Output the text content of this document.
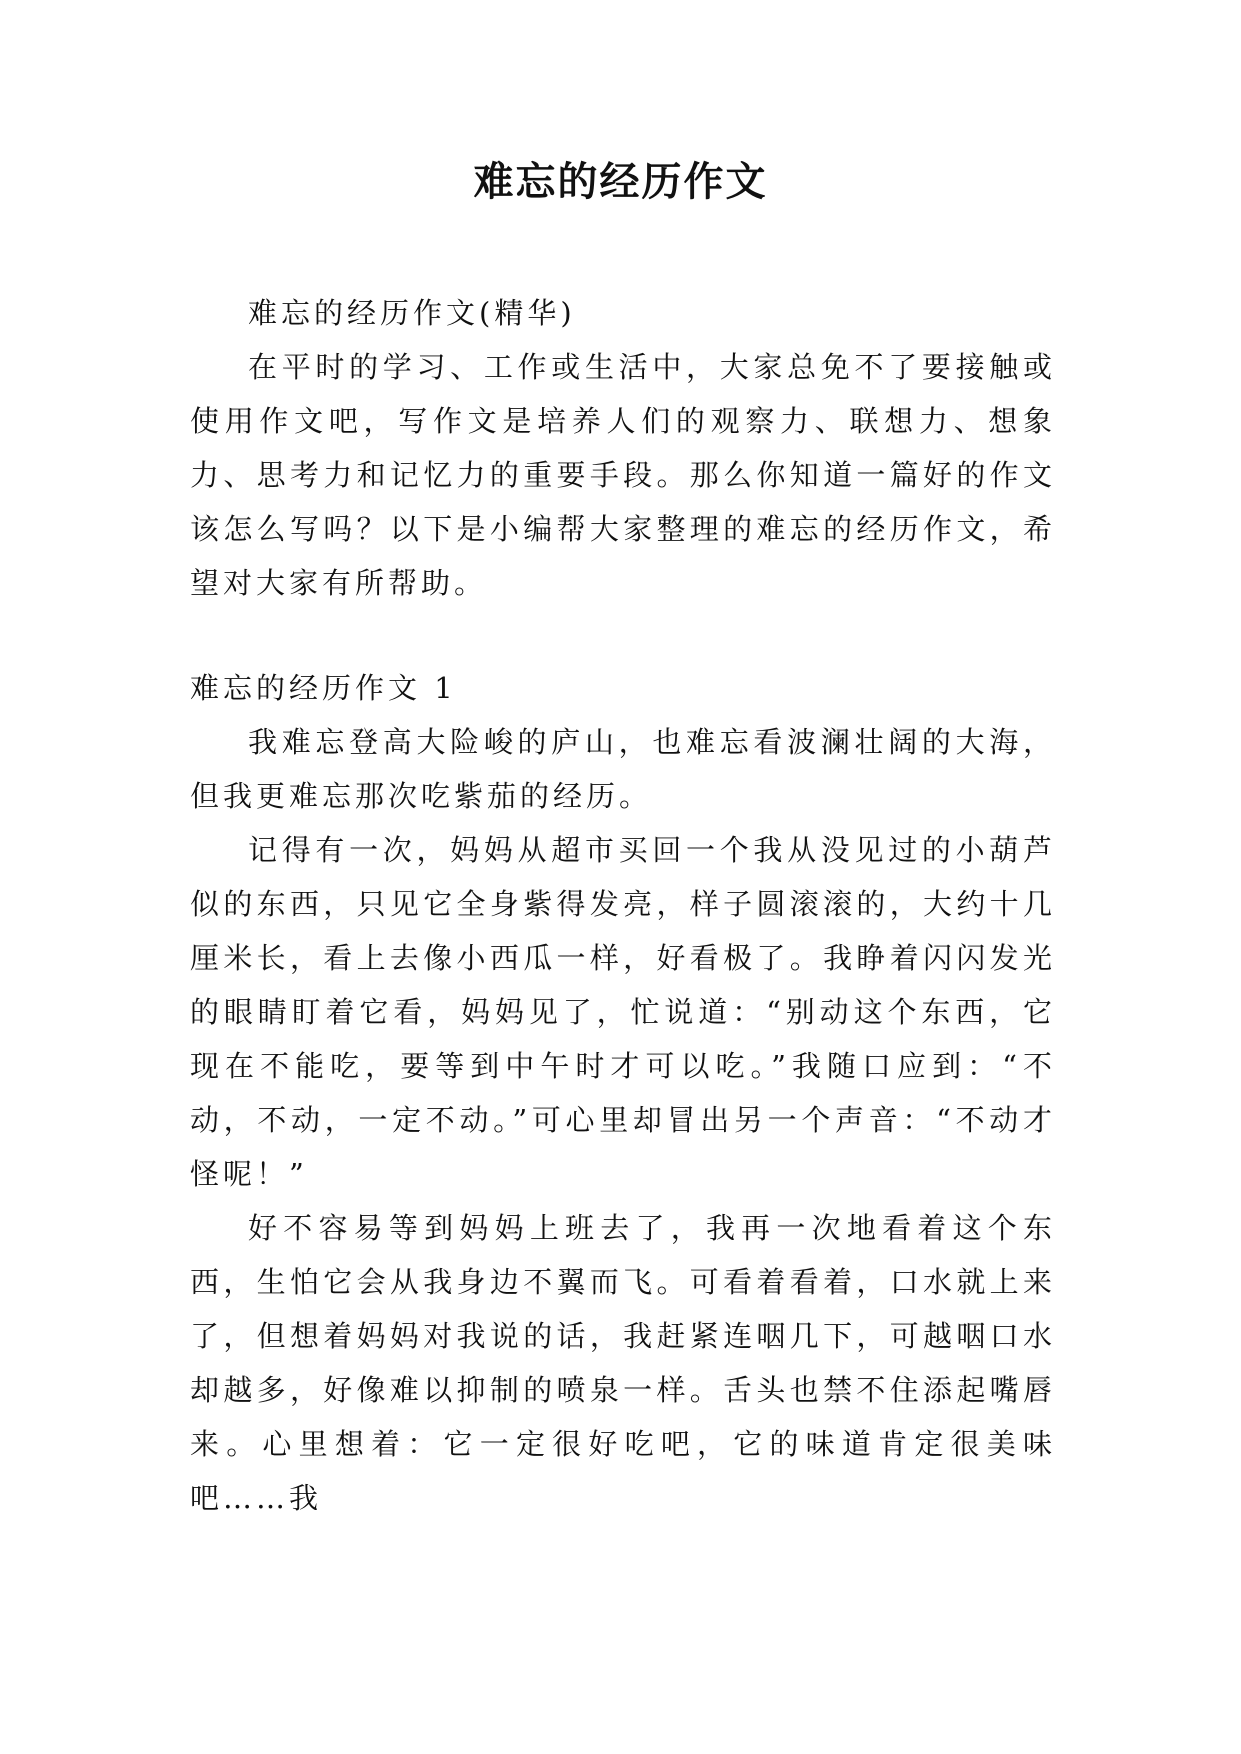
难忘的经历作文

难忘的经历作文(精华)

在平时的学习、工作或生活中，大家总免不了要接触或使用作文吧，写作文是培养人们的观察力、联想力、想象力、思考力和记忆力的重要手段。那么你知道一篇好的作文该怎么写吗？以下是小编帮大家整理的难忘的经历作文，希望对大家有所帮助。

难忘的经历作文 1

我难忘登高大险峻的庐山，也难忘看波澜壮阔的大海，但我更难忘那次吃紫茄的经历。

记得有一次，妈妈从超市买回一个我从没见过的小葫芦似的东西，只见它全身紫得发亮，样子圆滚滚的，大约十几厘米长，看上去像小西瓜一样，好看极了。我睁着闪闪发光的眼睛盯着它看，妈妈见了，忙说道：“别动这个东西，它现在不能吃，要等到中午时才可以吃。”我随口应到：“不动，不动，一定不动。”可心里却冒出另一个声音：“不动才怪呢！”

好不容易等到妈妈上班去了，我再一次地看着这个东西，生怕它会从我身边不翼而飞。可看着看着，口水就上来了，但想着妈妈对我说的话，我赶紧连咽几下，可越咽口水却越多，好像难以抑制的喷泉一样。舌头也禁不住添起嘴唇来。心里想着：它一定很好吃吧，它的味道肯定很美味吧……我
